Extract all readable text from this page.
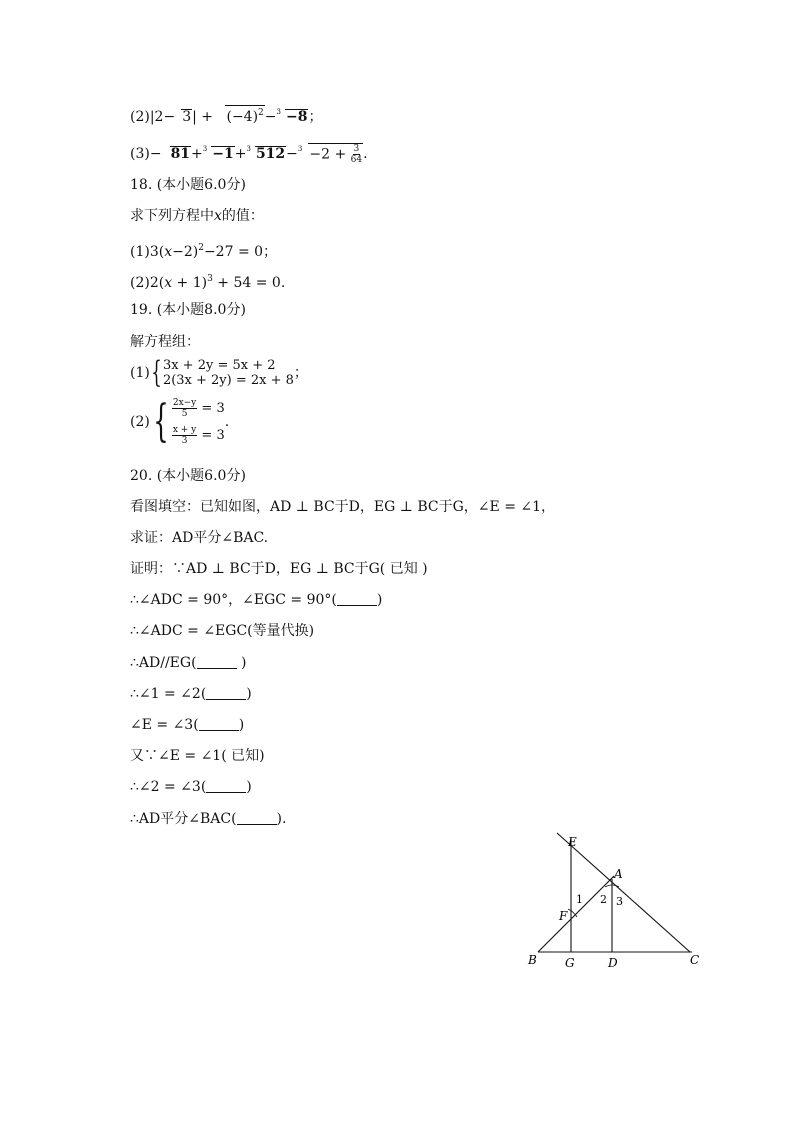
$(2)|2- 3| + (-4)^2-^3 -8$；
(3)− 81+$^3$ −1+$^3$ $512-^3 -2 + \frac{3}{64}$ .
18. (本小题6.0分)
求下列方程中x的值：
$(1)3(x-2)^2-27 = 0$；
$(2)2(x + 1)^3 + 54 = 0$.
19. (本小题8.0分)
解方程组：
(1) { 3x + 2y = 5x + 2
2(3x + 2y) = 2x + 8 ；
(2) { $\frac{2x-y}{5} = 3$
$\frac{x + y}{3} = 3$
.
20. (本小题6.0分)
看图填空：已知如图，AD ⊥ BC于D，EG ⊥ BC于G，∠E = ∠1，
求证：AD平分∠BAC.
证明：∵AD ⊥ BC于D，EG ⊥ BC于G( 已知 )
∴∠ADC = 90°，∠EGC = 90°(	)
∴∠ADC = ∠EGC(等量代换)
∴AD//EG(	)
∴∠1 = ∠2(	)
∠E = ∠3(	)
又∵∠E = ∠1( 已知)
∴∠2 = ∠3(	)
∴AD平分∠BAC(	).
E
A
F
B G	D	C
1 2 3
